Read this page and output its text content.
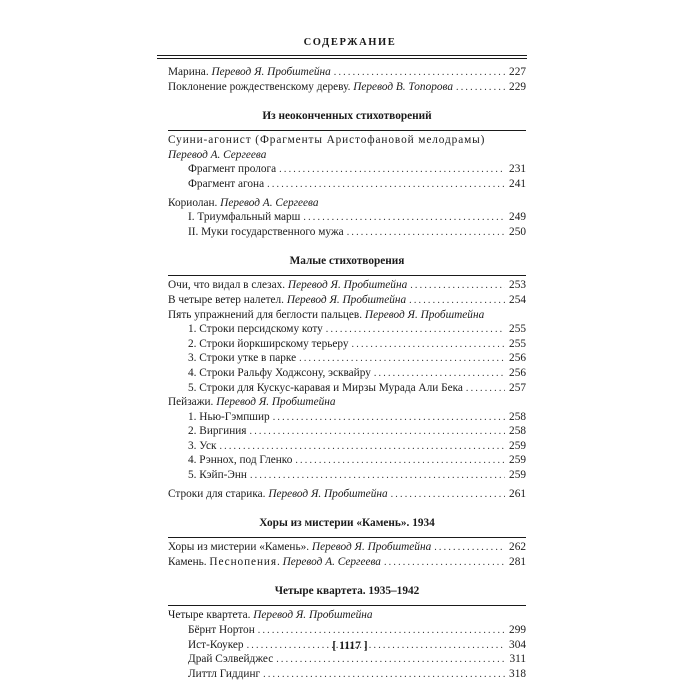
СОДЕРЖАНИЕ
Марина. Перевод Я. Пробштейна .....	227
Поклонение рождественскому дереву. Перевод В. Топорова .....	229
Из неоконченных стихотворений
Суини-агонист (Фрагменты Аристофановой мелодрамы)
Перевод А. Сергеева
Фрагмент пролога .....	231
Фрагмент агона .....	241
Кориолан. Перевод А. Сергеева
I. Триумфальный марш .....	249
II. Муки государственного мужа .....	250
Малые стихотворения
Очи, что видал в слезах. Перевод Я. Пробштейна .....	253
В четыре ветер налетел. Перевод Я. Пробштейна .....	254
Пять упражнений для беглости пальцев. Перевод Я. Пробштейна
1. Строки персидскому коту .....	255
2. Строки йоркширскому терьеру .....	255
3. Строки утке в парке .....	256
4. Строки Ральфу Ходжсону, эсквайру .....	256
5. Строки для Кускус-каравая и Мирзы Мурада Али Бека .....	257
Пейзажи. Перевод Я. Пробштейна
1. Нью-Гэмпшир .....	258
2. Виргиния .....	258
3. Уск .....	259
4. Рэннох, под Гленко .....	259
5. Кэйп-Энн .....	259
Строки для старика. Перевод Я. Пробштейна .....	261
Хоры из мистерии «Камень». 1934
Хоры из мистерии «Камень». Перевод Я. Пробштейна .....	262
Камень. Песнопения. Перевод А. Сергеева .....	281
Четыре квартета. 1935–1942
Четыре квартета. Перевод Я. Пробштейна
Бёрнт Нортон .....	299
Ист-Коукер .....	304
Драй Сэлвейджес .....	311
Литтл Гиддинг .....	318
[ 1117 ]
